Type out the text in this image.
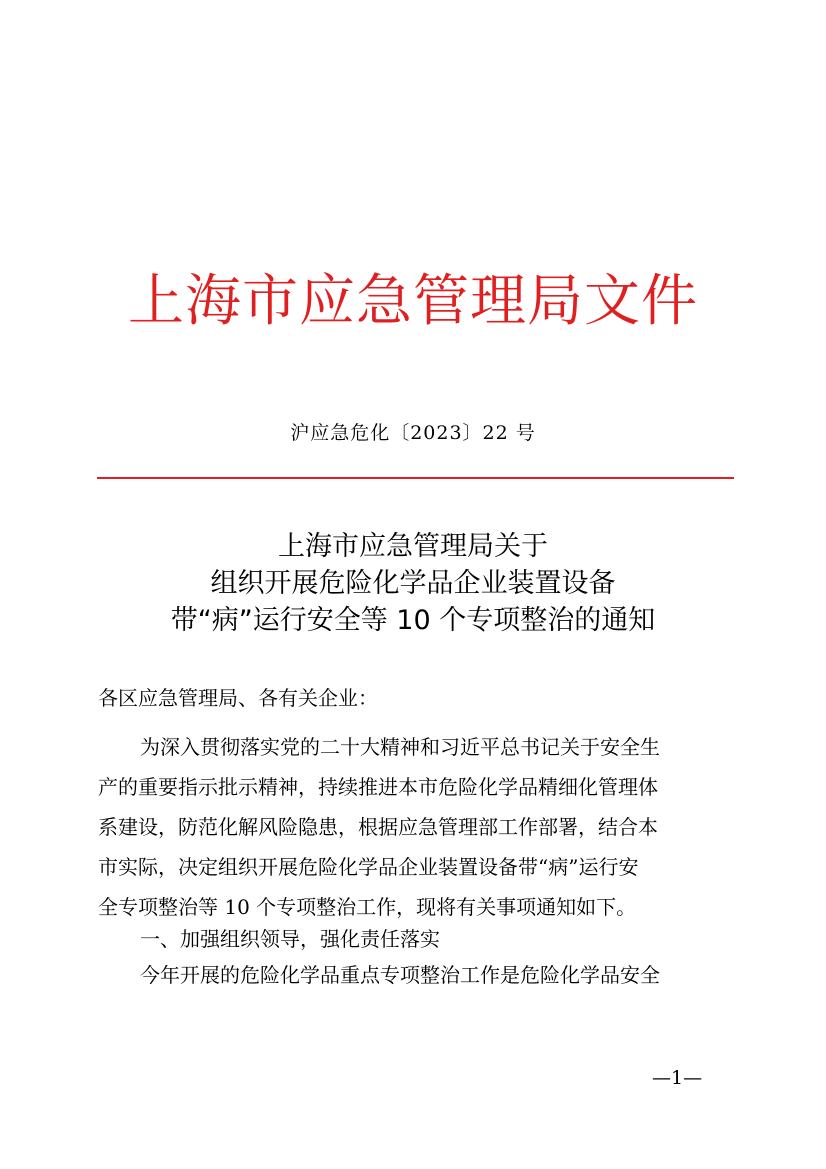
上海市应急管理局文件
沪应急危化〔2023〕22 号
上海市应急管理局关于
组织开展危险化学品企业装置设备
带“病”运行安全等 10 个专项整治的通知
各区应急管理局、各有关企业：
为深入贯彻落实党的二十大精神和习近平总书记关于安全生
产的重要指示批示精神，持续推进本市危险化学品精细化管理体
系建设，防范化解风险隐患，根据应急管理部工作部署，结合本
市实际，决定组织开展危险化学品企业装置设备带“病”运行安
全专项整治等 10 个专项整治工作，现将有关事项通知如下。
一、加强组织领导，强化责任落实
今年开展的危险化学品重点专项整治工作是危险化学品安全
—1—
